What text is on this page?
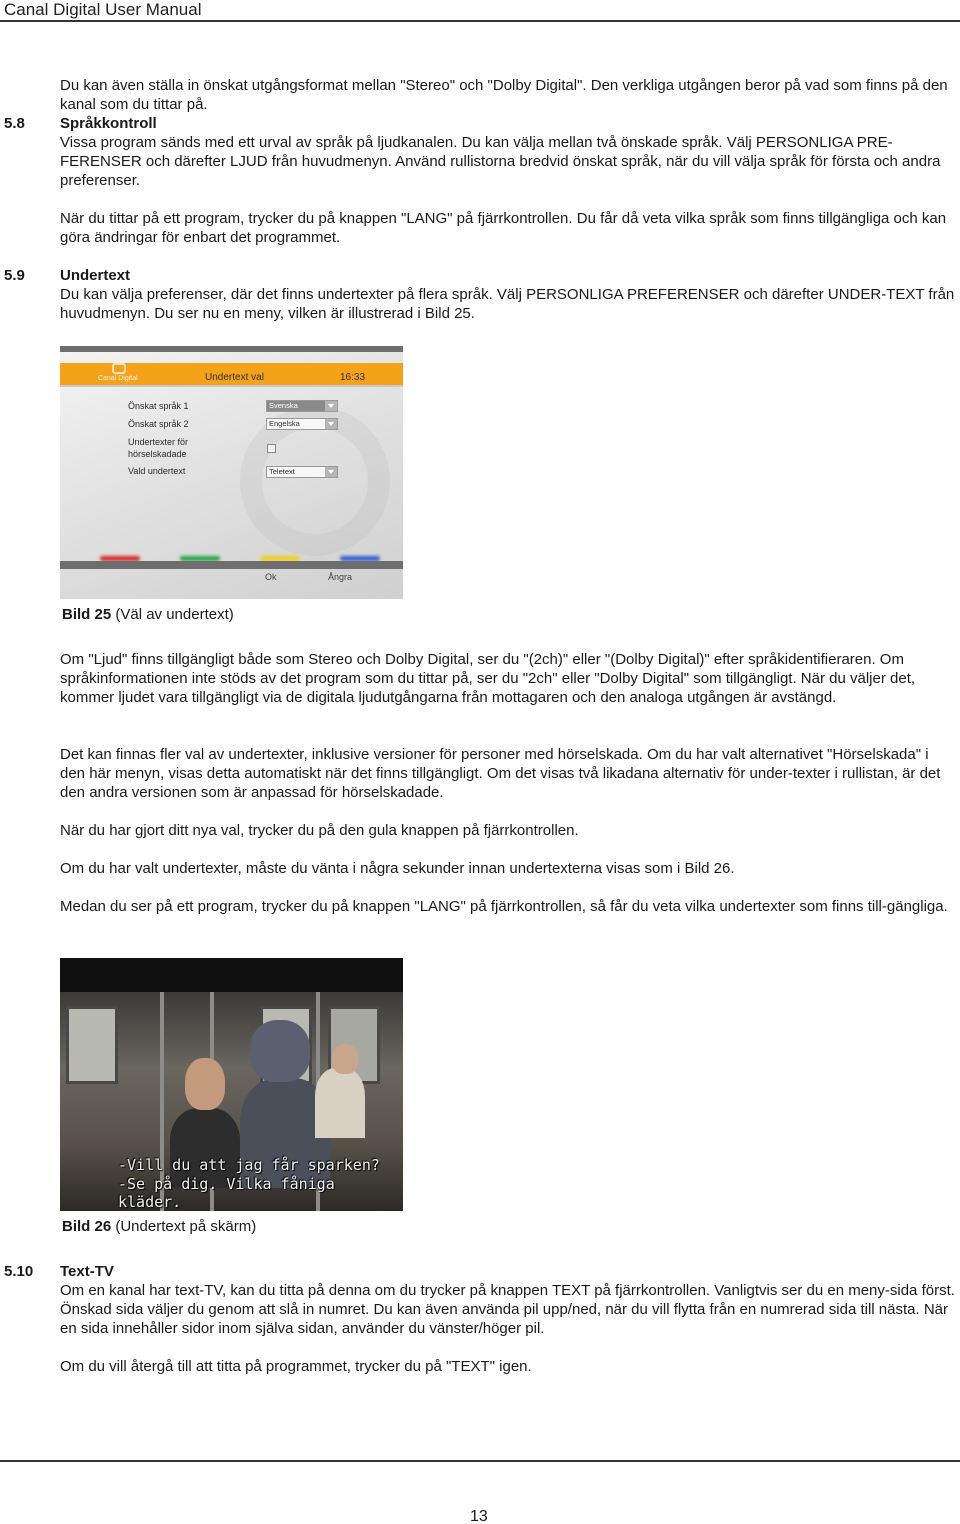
Canal Digital User Manual
Du kan även ställa in önskat utgångsformat mellan "Stereo" och "Dolby Digital". Den verkliga utgången beror på vad som finns på den kanal som du tittar på.
5.8 Språkkontroll
Vissa program sänds med ett urval av språk på ljudkanalen. Du kan välja mellan två önskade språk. Välj PERSONLIGA PRE-FERENSER och därefter LJUD från huvudmenyn. Använd rullistorna bredvid önskat språk, när du vill välja språk för första och andra preferenser.
När du tittar på ett program, trycker du på knappen "LANG" på fjärrkontrollen. Du får då veta vilka språk som finns tillgängliga och kan göra ändringar för enbart det programmet.
5.9 Undertext
Du kan välja preferenser, där det finns undertexter på flera språk. Välj PERSONLIGA PREFERENSER och därefter UNDER-TEXT från huvudmenyn. Du ser nu en meny, vilken är illustrerad i Bild 25.
Canal Digital	Undertext val	16:33
Önskat språk 1	Svenska
Önskat språk 2	Engelska
Undertexter för
hörselskadade
Vald undertext	Teletext
Ok	Ångra
Bild 25 (Väl av undertext)
Om "Ljud" finns tillgängligt både som Stereo och Dolby Digital, ser du "(2ch)" eller "(Dolby Digital)" efter språkidentifieraren. Om språkinformationen inte stöds av det program som du tittar på, ser du "2ch" eller "Dolby Digital" som tillgängligt. När du väljer det, kommer ljudet vara tillgängligt via de digitala ljudutgångarna från mottagaren och den analoga utgången är avstängd.
Det kan finnas fler val av undertexter, inklusive versioner för personer med hörselskada. Om du har valt alternativet "Hörselskada" i den här menyn, visas detta automatiskt när det finns tillgängligt. Om det visas två likadana alternativ för under-texter i rullistan, är det den andra versionen som är anpassad för hörselskadade.
När du har gjort ditt nya val, trycker du på den gula knappen på fjärrkontrollen.
Om du har valt undertexter, måste du vänta i några sekunder innan undertexterna visas som i Bild 26.
Medan du ser på ett program, trycker du på knappen "LANG" på fjärrkontrollen, så får du veta vilka undertexter som finns till-gängliga.
-Vill du att jag får sparken?
-Se på dig. Vilka fåniga kläder.
Bild 26 (Undertext på skärm)
5.10 Text-TV
Om en kanal har text-TV, kan du titta på denna om du trycker på knappen TEXT på fjärrkontrollen. Vanligtvis ser du en meny-sida först. Önskad sida väljer du genom att slå in numret. Du kan även använda pil upp/ned, när du vill flytta från en numrerad sida till nästa. När en sida innehåller sidor inom själva sidan, använder du vänster/höger pil.
Om du vill återgå till att titta på programmet, trycker du på "TEXT" igen.
13
